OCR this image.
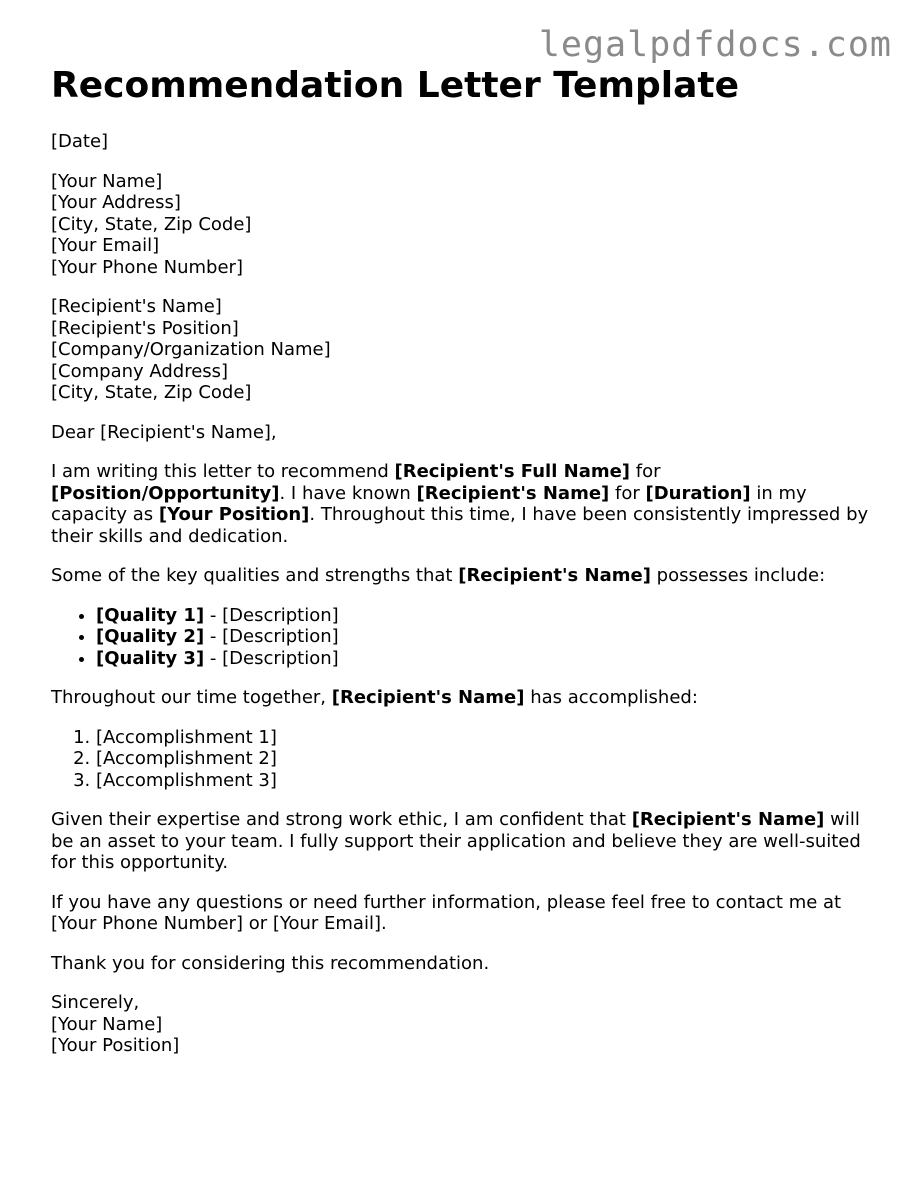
legalpdfdocs.com
Recommendation Letter Template

[Date]

[Your Name]
[Your Address]
[City, State, Zip Code]
[Your Email]
[Your Phone Number]

[Recipient's Name]
[Recipient's Position]
[Company/Organization Name]
[Company Address]
[City, State, Zip Code]

Dear [Recipient's Name],

I am writing this letter to recommend [Recipient's Full Name] for [Position/Opportunity]. I have known [Recipient's Name] for [Duration] in my capacity as [Your Position]. Throughout this time, I have been consistently impressed by their skills and dedication.

Some of the key qualities and strengths that [Recipient's Name] possesses include:

• [Quality 1] - [Description]
• [Quality 2] - [Description]
• [Quality 3] - [Description]

Throughout our time together, [Recipient's Name] has accomplished:

1. [Accomplishment 1]
2. [Accomplishment 2]
3. [Accomplishment 3]

Given their expertise and strong work ethic, I am confident that [Recipient's Name] will be an asset to your team. I fully support their application and believe they are well-suited for this opportunity.

If you have any questions or need further information, please feel free to contact me at [Your Phone Number] or [Your Email].

Thank you for considering this recommendation.

Sincerely,
[Your Name]
[Your Position]
